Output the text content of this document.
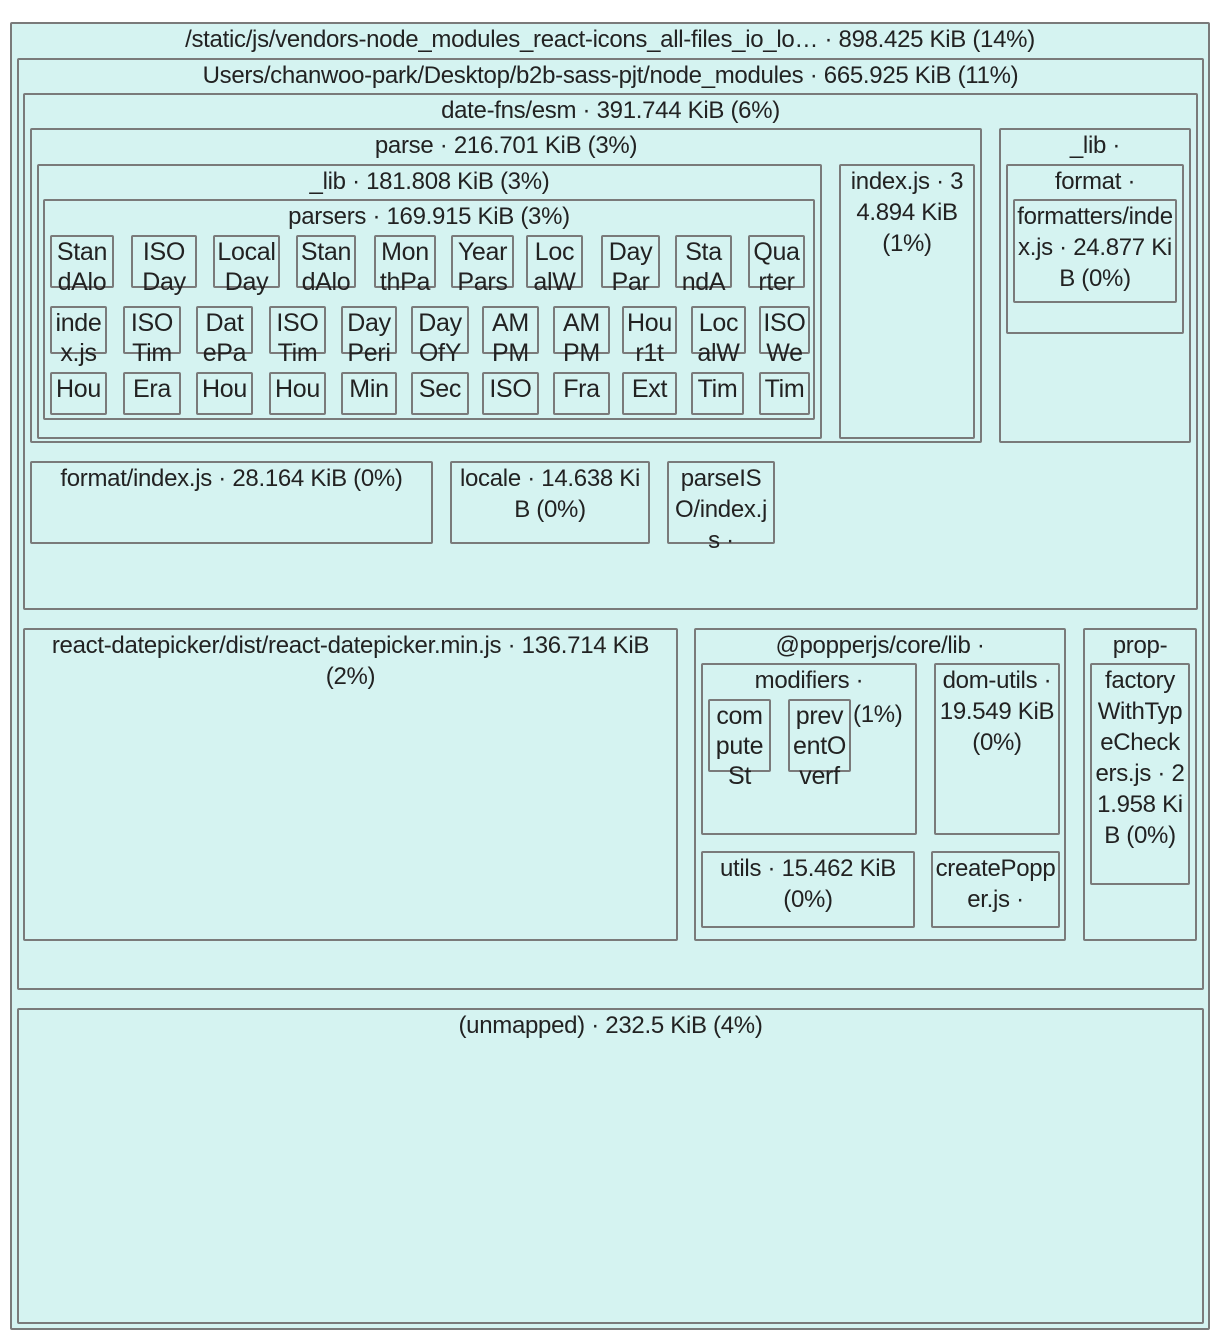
/static/js/vendors-node_modules_react-icons_all-files_io_lo… · 898.425 KiB (14%)
Users/chanwoo-park/Desktop/b2b-sass-pjt/node_modules · 665.925 KiB (11%)
date-fns/esm · 391.744 KiB (6%)
parse · 216.701 KiB (3%)
_lib · 181.808 KiB (3%)
parsers · 169.915 KiB (3%)
index.js · 34.894 KiB (1%)
_lib ·
format ·
formatters/index.js · 24.877 KiB (0%)
format/index.js · 28.164 KiB (0%)	locale · 14.638 KiB (0%)
parseISO/index.js ·
react-datepicker/dist/react-datepicker.min.js · 136.714 KiB (2%)
@popperjs/core/lib ·
modifiers ·
(1%)
computeSt
preventOverf
dom-utils · 19.549 KiB (0%)
utils · 15.462 KiB (0%)
createPopper.js ·
prop-
factoryWithTypeCheckers.js · 21.958 KiB (0%)
(unmapped) · 232.5 KiB (4%)
StandAlo
ISODay
LocalDay
StandAlo
MonthPa
YearPars
LocalW
DayPar
StandA
Quarter
index.js
ISOTim
DatePa
ISOTim
DayPeri
DayOfY
AMPM
AMPM
Hour1t
LocalW
ISOWe
Hou	Era	Hou Hou Min Sec ISO	Fra	Ext	Tim Tim
